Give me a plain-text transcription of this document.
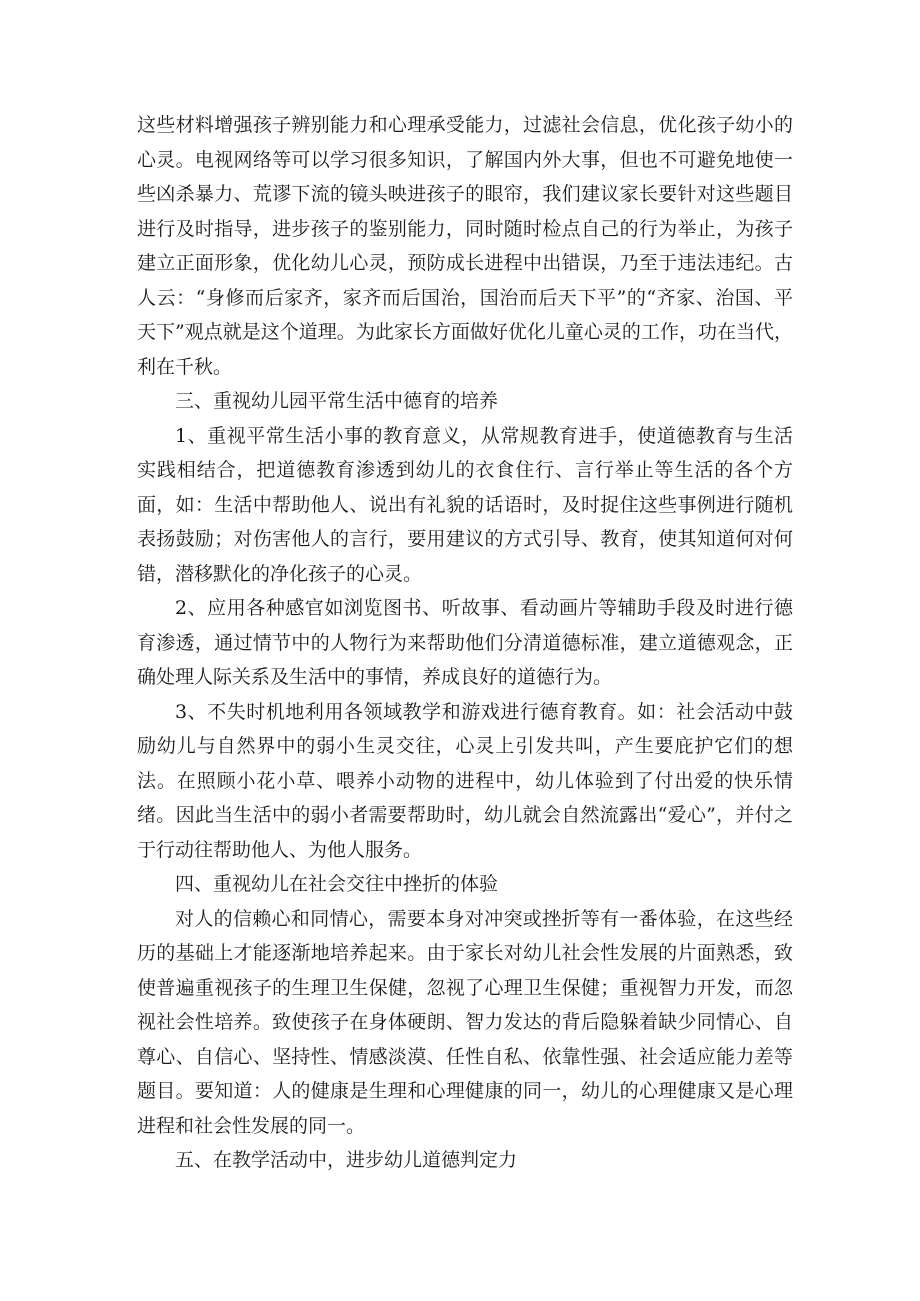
这些材料增强孩子辨别能力和心理承受能力，过滤社会信息，优化孩子幼小的心灵。电视网络等可以学习很多知识，了解国内外大事，但也不可避免地使一些凶杀暴力、荒谬下流的镜头映进孩子的眼帘，我们建议家长要针对这些题目进行及时指导，进步孩子的鉴别能力，同时随时检点自己的行为举止，为孩子建立正面形象，优化幼儿心灵，预防成长进程中出错误，乃至于违法违纪。古人云：“身修而后家齐，家齐而后国治，国治而后天下平”的“齐家、治国、平天下”观点就是这个道理。为此家长方面做好优化儿童心灵的工作，功在当代，利在千秋。

三、重视幼儿园平常生活中德育的培养

1、重视平常生活小事的教育意义，从常规教育进手，使道德教育与生活实践相结合，把道德教育渗透到幼儿的衣食住行、言行举止等生活的各个方面，如：生活中帮助他人、说出有礼貌的话语时，及时捉住这些事例进行随机表扬鼓励；对伤害他人的言行，要用建议的方式引导、教育，使其知道何对何错，潜移默化的净化孩子的心灵。

2、应用各种感官如浏览图书、听故事、看动画片等辅助手段及时进行德育渗透，通过情节中的人物行为来帮助他们分清道德标准，建立道德观念，正确处理人际关系及生活中的事情，养成良好的道德行为。

3、不失时机地利用各领域教学和游戏进行德育教育。如：社会活动中鼓励幼儿与自然界中的弱小生灵交往，心灵上引发共叫，产生要庇护它们的想法。在照顾小花小草、喂养小动物的进程中，幼儿体验到了付出爱的快乐情绪。因此当生活中的弱小者需要帮助时，幼儿就会自然流露出“爱心”，并付之于行动往帮助他人、为他人服务。

四、重视幼儿在社会交往中挫折的体验

对人的信赖心和同情心，需要本身对冲突或挫折等有一番体验，在这些经历的基础上才能逐渐地培养起来。由于家长对幼儿社会性发展的片面熟悉，致使普遍重视孩子的生理卫生保健，忽视了心理卫生保健；重视智力开发，而忽视社会性培养。致使孩子在身体硬朗、智力发达的背后隐躲着缺少同情心、自尊心、自信心、坚持性、情感淡漠、任性自私、依靠性强、社会适应能力差等题目。要知道：人的健康是生理和心理健康的同一，幼儿的心理健康又是心理进程和社会性发展的同一。

五、在教学活动中，进步幼儿道德判定力
